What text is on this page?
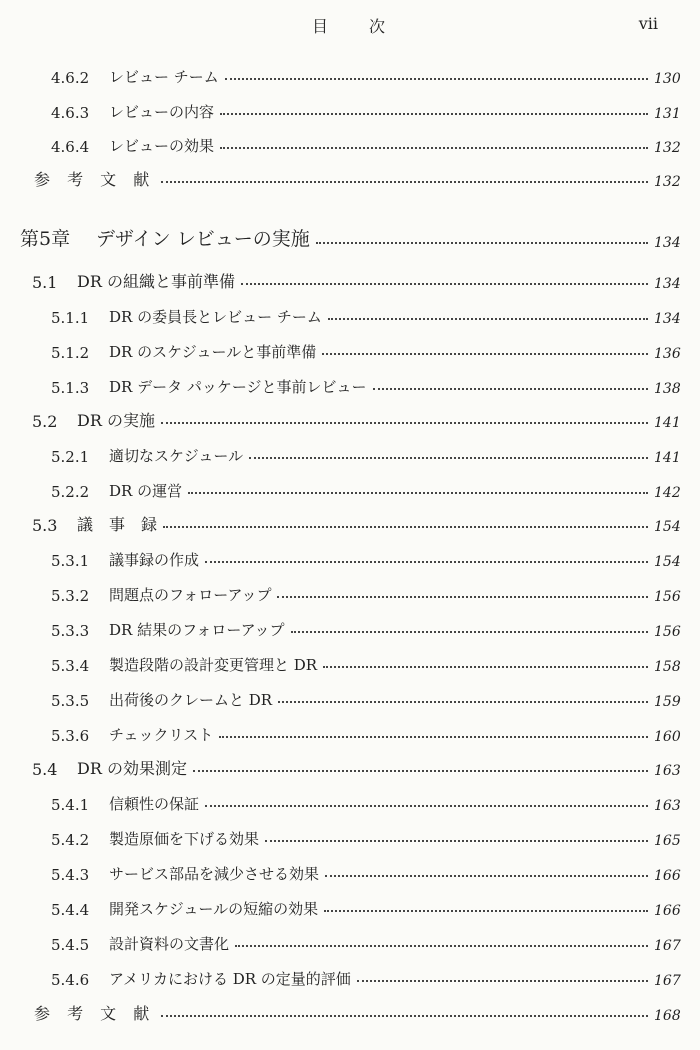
目	次	vii
4.6.2	レビュー チーム	130
4.6.3	レビューの内容	131
4.6.4	レビューの効果	132
参 考 文 献	132
第5章	デザイン レビューの実施	134
5.1	DR の組織と事前準備	134
5.1.1	DR の委員長とレビュー チーム	134
5.1.2	DR のスケジュールと事前準備	136
5.1.3	DR データ パッケージと事前レビュー	138
5.2	DR の実施	141
5.2.1	適切なスケジュール	141
5.2.2	DR の運営	142
5.3	議　事　録	154
5.3.1	議事録の作成	154
5.3.2	問題点のフォローアップ	156
5.3.3	DR 結果のフォローアップ	156
5.3.4	製造段階の設計変更管理と DR	158
5.3.5	出荷後のクレームと DR	159
5.3.6	チェックリスト	160
5.4	DR の効果測定	163
5.4.1	信頼性の保証	163
5.4.2	製造原価を下げる効果	165
5.4.3	サービス部品を減少させる効果	166
5.4.4	開発スケジュールの短縮の効果	166
5.4.5	設計資料の文書化	167
5.4.6	アメリカにおける DR の定量的評価	167
参 考 文 献	168
